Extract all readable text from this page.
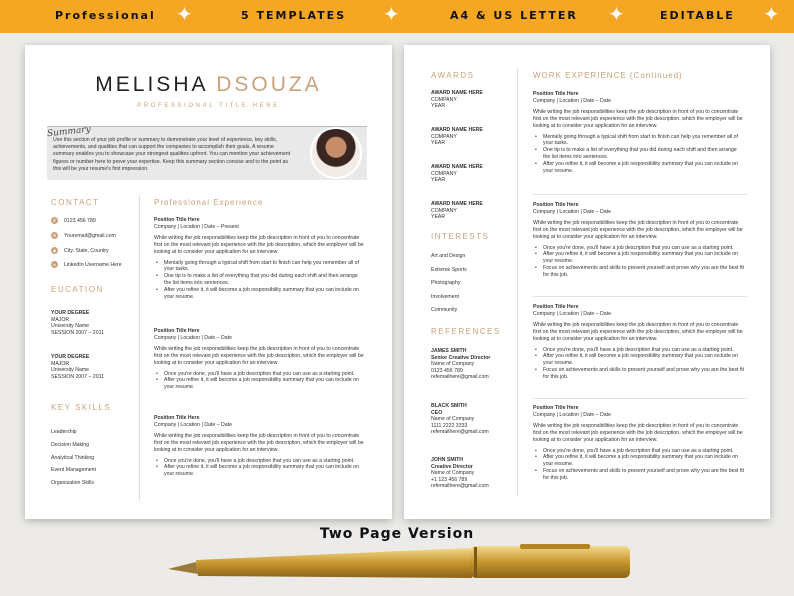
Professional ✦	5 TEMPLATES ✦	A4 & US LETTER ✦	EDITABLE ✦
MELISHA DSOUZA
PROFESSIONAL TITLE HERE
Summary
Use this section of your job profile or summary to demonstrate your level of experience, key skills, achievements, and qualities that can support the companies to accomplish their goals. A resume summary enables you to showcase your strongest qualities upfront. You can mention your achievement figures or number here to prove your expertise. Keep this summary section concise and to the point as this will be your resume's first impression.
CONTACT
✆	0123 456 789
✉	Youremail@gmail.com
◉	City, State, Country
in	LinkedIn Username Here
EUCATION
YOUR DEGREE
MAJOR
University Name
SESSION 2007 – 2011
YOUR DEGREE
MAJOR
University Name
SESSION 2007 – 2011
KEY SKILLS
Leadership
Decision Making
Analytical Thinking
Event Management
Organization Skills
Professional Experience
Position Title Here
Company | Location | Date – Present

While writing the job responsibilities keep the job description in front of you to concentrate first on the most relevant job experience with the job description, which the employer will be looking at to consider your application for an interview.

• Mentally going through a typical shift from start to finish can help you remember all of your tasks.
• One tip is to make a list of everything that you did during each shift and then arrange the list items into sentences.
• After you refine it, it will become a job responsibility summary that you can include on your resume.
Position Title Here
Company | Location | Date – Date

While writing the job responsibilities keep the job description in front of you to concentrate first on the most relevant job experience with the job description, which the employer will be looking at to consider your application for an interview.

• Once you're done, you'll have a job description that you can use as a starting point.
• After you refine it, it will become a job responsibility summary that you can include on your resume.
Position Title Here
Company | Location | Date – Date

While writing the job responsibilities keep the job description in front of you to concentrate first on the most relevant job experience with the job description, which the employer will be looking at to consider your application for an interview.

• Once you're done, you'll have a job description that you can use as a starting point.
• After you refine it, it will become a job responsibility summary that you can include on your resume.
AWARDS
AWARD NAME HERE
COMPANY
YEAR
AWARD NAME HERE
COMPANY
YEAR
AWARD NAME HERE
COMPANY
YEAR
AWARD NAME HERE
COMPANY
YEAR
INTERESTS
Art and Design
Extreme Sports
Photography
Involvement
Community
REFERENCES
JAMES SMITH
Senior Creative Director
Name of Company
0123 456 789
refemailhere@gmail.com
BLACK SMITH
CEO
Name of Company
1111 2222 3333
refemailhere@gmail.com
JOHN SMITH
Creative Director
Name of Company
+1 123 456 789
refemailhere@gmail.com
WORK EXPERIENCE (Continued)
Position Title Here
Company | Location | Date – Date

While writing the job responsibilities keep the job description in front of you to concentrate first on the most relevant job experience with the job description, which the employer will be looking at to consider your application for an interview.

• Mentally going through a typical shift from start to finish can help you remember all of your tasks.
• One tip is to make a list of everything that you did during each shift and then arrange the list items into sentences.
• After you refine it, it will become a job responsibility summary that you can include on your resume.
Position Title Here
Company | Location | Date – Date

While writing the job responsibilities keep the job description in front of you to concentrate first on the most relevant job experience with the job description, which the employer will be looking at to consider your application for an interview.

• Once you're done, you'll have a job description that you can use as a starting point.
• After you refine it, it will become a job responsibility summary that you can include on your resume.
• Focus on achievements and skills to present yourself and prove why you are the best fit for this job.
Position Title Here
Company | Location | Date – Date

While writing the job responsibilities keep the job description in front of you to concentrate first on the most relevant job experience with the job description, which the employer will be looking at to consider your application for an interview.

• Once you're done, you'll have a job description that you can use as a starting point.
• After you refine it, it will become a job responsibility summary that you can include on your resume.
• Focus on achievements and skills to present yourself and prove why you are the best fit for this job.
Position Title Here
Company | Location | Date – Date

While writing the job responsibilities keep the job description in front of you to concentrate first on the most relevant job experience with the job description, which the employer will be looking at to consider your application for an interview.

• Once you're done, you'll have a job description that you can use as a starting point.
• After you refine it, it will become a job responsibility summary that you can include on your resume.
• Focus on achievements and skills to present yourself and prove why you are the best fit for this job.
Two Page Version
